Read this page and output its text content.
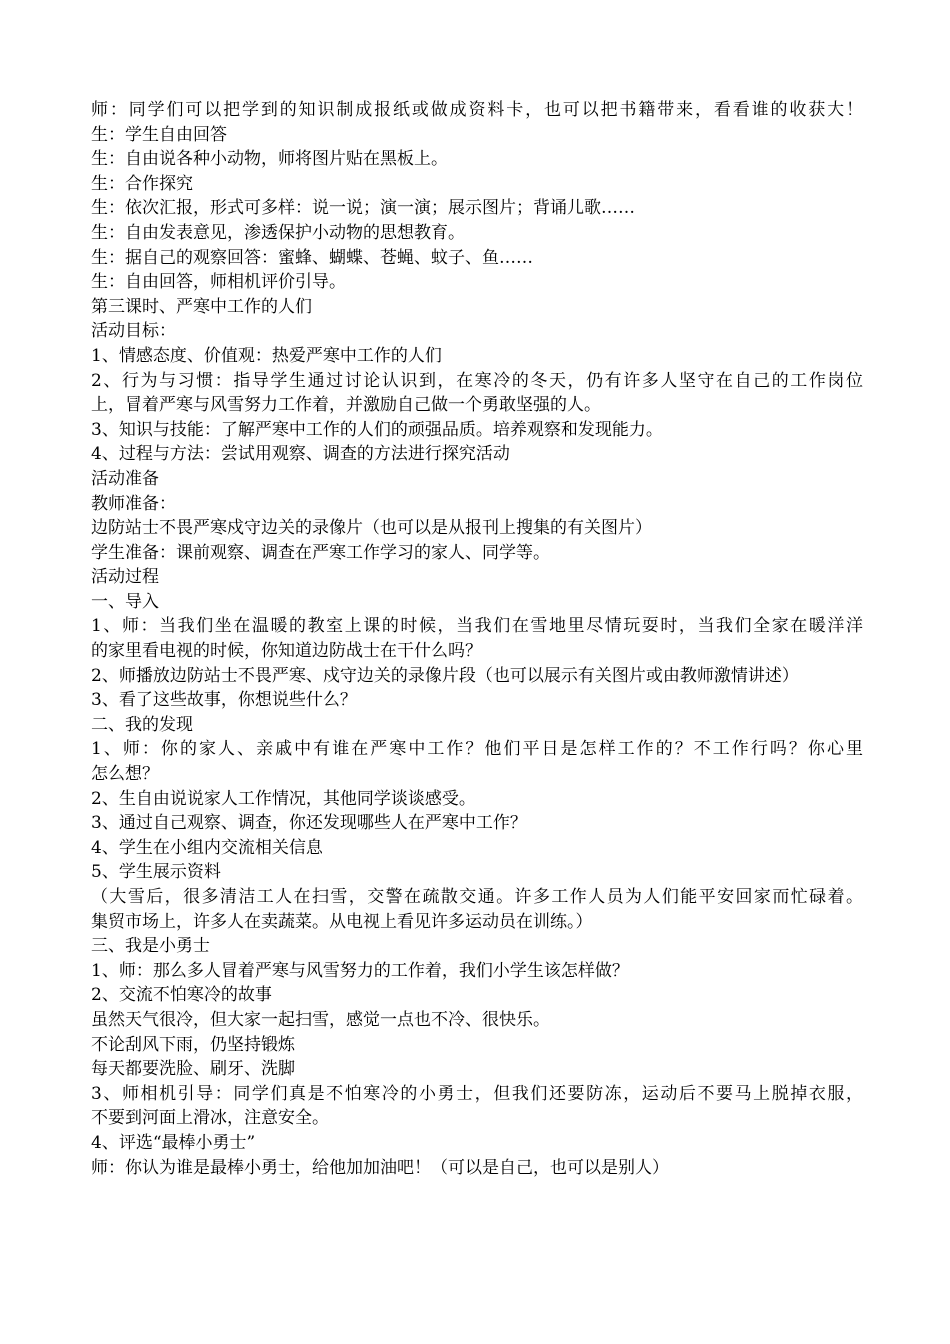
师：同学们可以把学到的知识制成报纸或做成资料卡，也可以把书籍带来，看看谁的收获大！
生：学生自由回答
生：自由说各种小动物，师将图片贴在黑板上。
生：合作探究
生：依次汇报，形式可多样：说一说；演一演；展示图片；背诵儿歌……
生：自由发表意见，渗透保护小动物的思想教育。
生：据自己的观察回答：蜜蜂、蝴蝶、苍蝇、蚊子、鱼……
生：自由回答，师相机评价引导。
第三课时、严寒中工作的人们
活动目标：
1、情感态度、价值观：热爱严寒中工作的人们
2、行为与习惯：指导学生通过讨论认识到，在寒冷的冬天，仍有许多人坚守在自己的工作岗位
上，冒着严寒与风雪努力工作着，并激励自己做一个勇敢坚强的人。
3、知识与技能：了解严寒中工作的人们的顽强品质。培养观察和发现能力。
4、过程与方法：尝试用观察、调查的方法进行探究活动
活动准备
教师准备：
边防站士不畏严寒戍守边关的录像片（也可以是从报刊上搜集的有关图片）
学生准备：课前观察、调查在严寒工作学习的家人、同学等。
活动过程
一、导入
1、师：当我们坐在温暖的教室上课的时候，当我们在雪地里尽情玩耍时，当我们全家在暖洋洋
的家里看电视的时候，你知道边防战士在干什么吗？
2、师播放边防站士不畏严寒、戍守边关的录像片段（也可以展示有关图片或由教师激情讲述）
3、看了这些故事，你想说些什么？
二、我的发现
1、师：你的家人、亲戚中有谁在严寒中工作？他们平日是怎样工作的？不工作行吗？你心里
怎么想？
2、生自由说说家人工作情况，其他同学谈谈感受。
3、通过自己观察、调查，你还发现哪些人在严寒中工作？
4、学生在小组内交流相关信息
5、学生展示资料
（大雪后，很多清洁工人在扫雪，交警在疏散交通。许多工作人员为人们能平安回家而忙碌着。
集贸市场上，许多人在卖蔬菜。从电视上看见许多运动员在训练。）
三、我是小勇士
1、师：那么多人冒着严寒与风雪努力的工作着，我们小学生该怎样做？
2、交流不怕寒冷的故事
虽然天气很冷，但大家一起扫雪，感觉一点也不冷、很快乐。
不论刮风下雨，仍坚持锻炼
每天都要洗脸、刷牙、洗脚
3、师相机引导：同学们真是不怕寒冷的小勇士，但我们还要防冻，运动后不要马上脱掉衣服，
不要到河面上滑冰，注意安全。
4、评选“最棒小勇士”
师：你认为谁是最棒小勇士，给他加加油吧！（可以是自己，也可以是别人）
